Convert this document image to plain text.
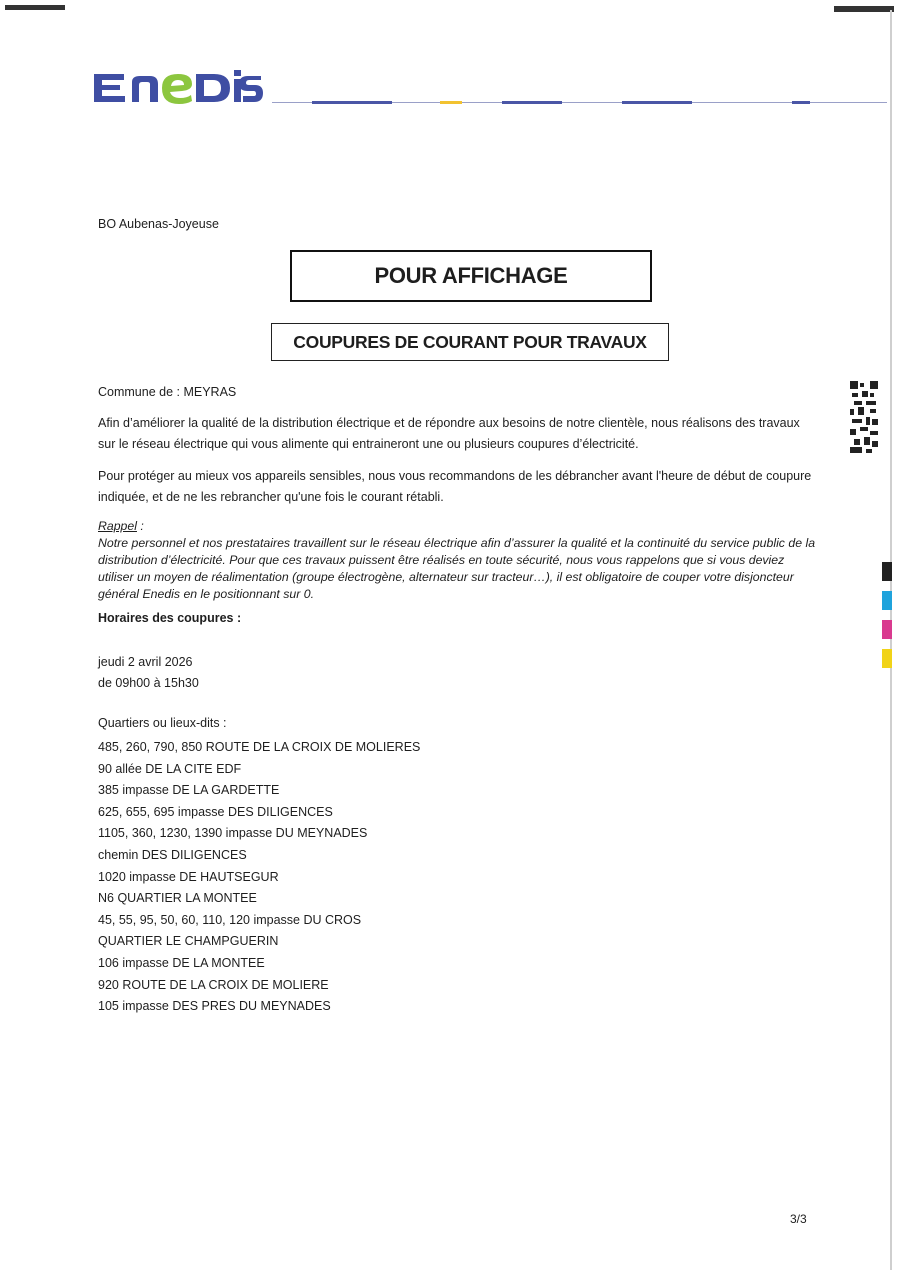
BO Aubenas-Joyeuse
POUR AFFICHAGE
COUPURES DE COURANT POUR TRAVAUX
Commune de : MEYRAS
Afin d’améliorer la qualité de la distribution électrique et de répondre aux besoins de notre clientèle, nous réalisons des travaux sur le réseau électrique qui vous alimente qui entraineront une ou plusieurs coupures d’électricité.
Pour protéger au mieux vos appareils sensibles, nous vous recommandons de les débrancher avant l'heure de début de coupure indiquée, et de ne les rebrancher qu'une fois le courant rétabli.
Rappel :
Notre personnel et nos prestataires travaillent sur le réseau électrique afin d’assurer la qualité et la continuité du service public de la distribution d’électricité. Pour que ces travaux puissent être réalisés en toute sécurité, nous vous rappelons que si vous deviez utiliser un moyen de réalimentation (groupe électrogène, alternateur sur tracteur…), il est obligatoire de couper votre disjoncteur général Enedis en le positionnant sur 0.
Horaires des coupures :
jeudi 2 avril 2026
de 09h00 à 15h30
Quartiers ou lieux-dits :
485, 260, 790, 850 ROUTE DE LA CROIX DE MOLIERES
90 allée DE LA CITE EDF
385 impasse DE LA GARDETTE
625, 655, 695 impasse DES DILIGENCES
1105, 360, 1230, 1390 impasse DU MEYNADES
chemin DES DILIGENCES
1020 impasse DE HAUTSEGUR
N6 QUARTIER LA MONTEE
45, 55, 95, 50, 60, 110, 120 impasse DU CROS
QUARTIER LE CHAMPGUERIN
106 impasse DE LA MONTEE
920 ROUTE DE LA CROIX DE MOLIERE
105 impasse DES PRES DU MEYNADES
3/3
